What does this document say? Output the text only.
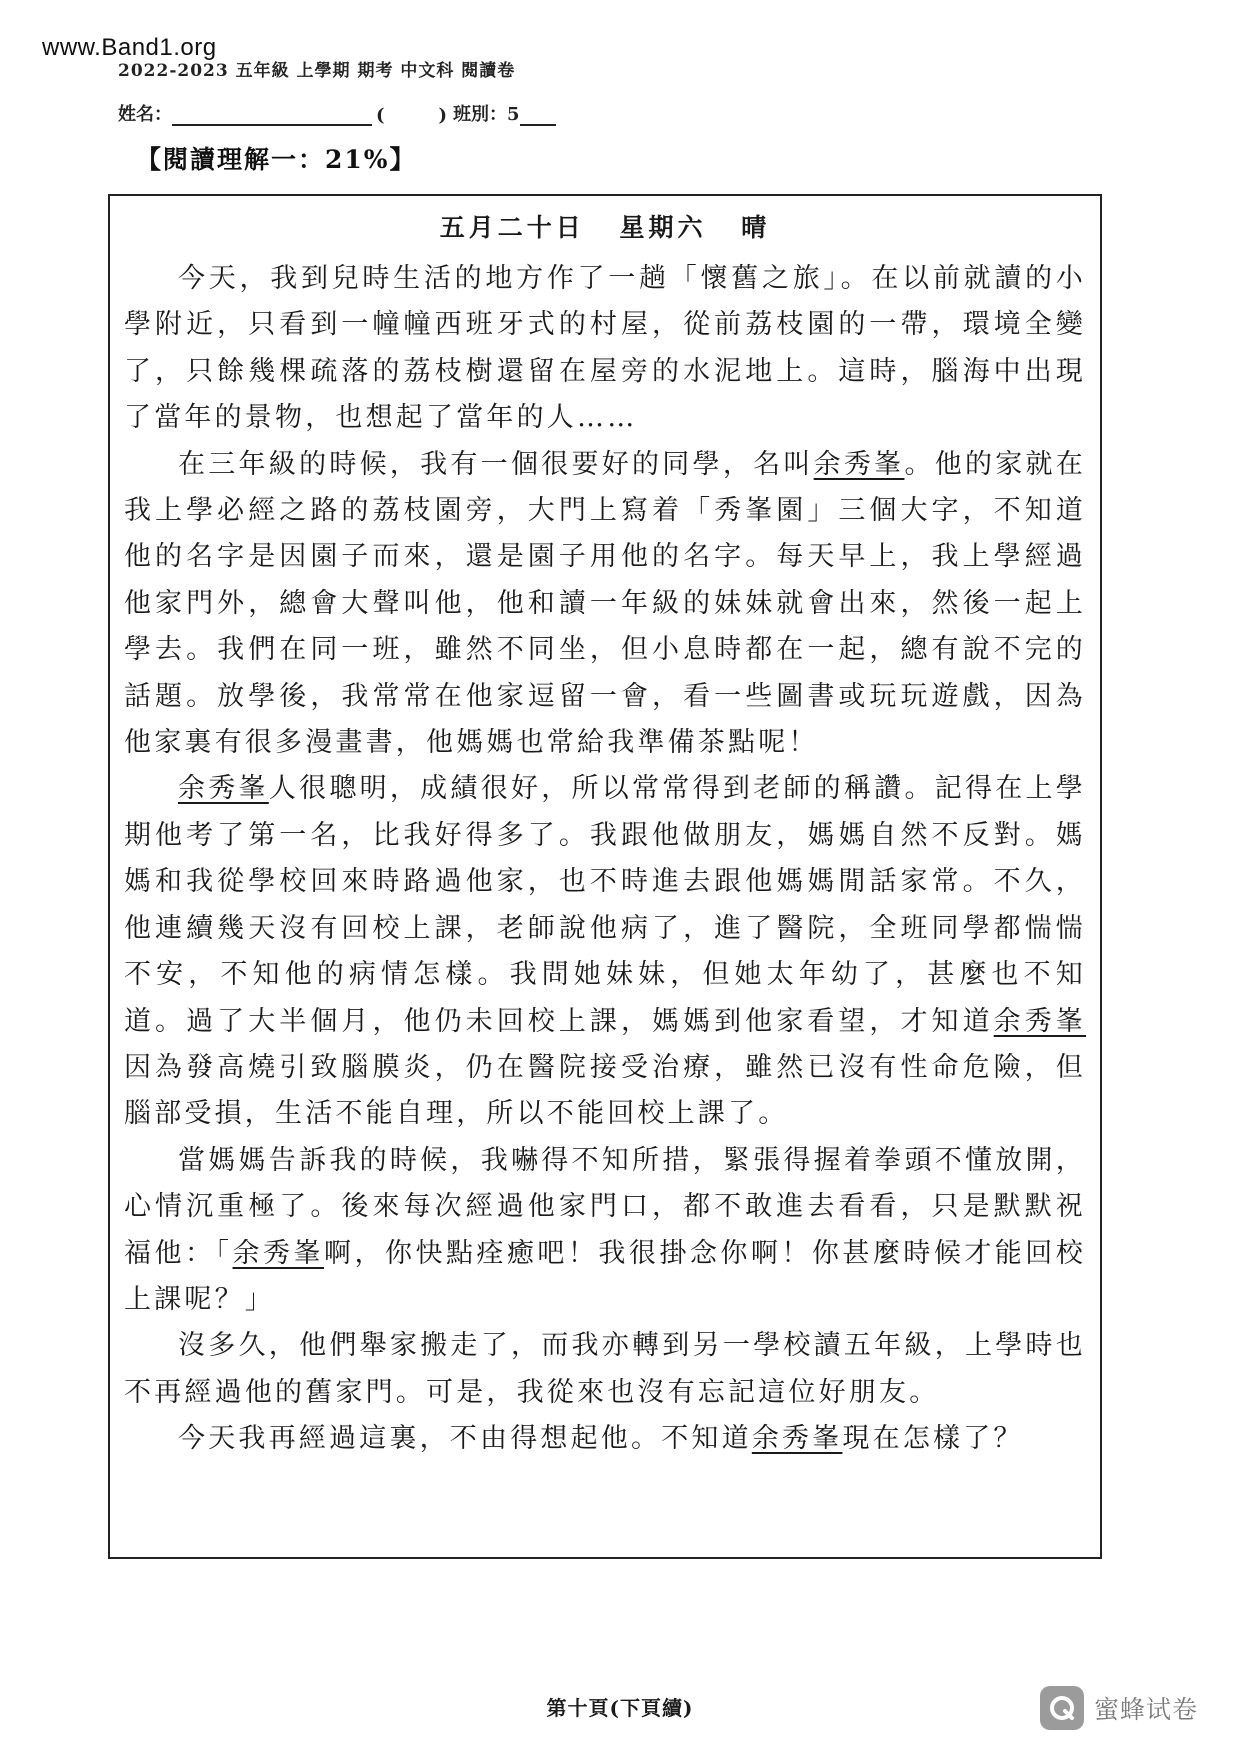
www.Band1.org
2022-2023 五年級 上學期 期考 中文科 閱讀卷
姓名：	(	) 班別：5
【閱讀理解一：21%】
五月二十日 星期六 晴

今天，我到兒時生活的地方作了一趟「懷舊之旅」。在以前就讀的小學附近，只看到一幢幢西班牙式的村屋，從前荔枝園的一帶，環境全變了，只餘幾棵疏落的荔枝樹還留在屋旁的水泥地上。這時，腦海中出現了當年的景物，也想起了當年的人……

在三年級的時候，我有一個很要好的同學，名叫余秀峯。他的家就在我上學必經之路的荔枝園旁，大門上寫着「秀峯園」三個大字，不知道他的名字是因園子而來，還是園子用他的名字。每天早上，我上學經過他家門外，總會大聲叫他，他和讀一年級的妹妹就會出來，然後一起上學去。我們在同一班，雖然不同坐，但小息時都在一起，總有說不完的話題。放學後，我常常在他家逗留一會，看一些圖書或玩玩遊戲，因為他家裏有很多漫畫書，他媽媽也常給我準備茶點呢！

余秀峯人很聰明，成績很好，所以常常得到老師的稱讚。記得在上學期他考了第一名，比我好得多了。我跟他做朋友，媽媽自然不反對。媽媽和我從學校回來時路過他家，也不時進去跟他媽媽閒話家常。不久，他連續幾天沒有回校上課，老師說他病了，進了醫院，全班同學都惴惴不安，不知他的病情怎樣。我問她妹妹，但她太年幼了，甚麼也不知道。過了大半個月，他仍未回校上課，媽媽到他家看望，才知道余秀峯因為發高燒引致腦膜炎，仍在醫院接受治療，雖然已沒有性命危險，但腦部受損，生活不能自理，所以不能回校上課了。

當媽媽告訴我的時候，我嚇得不知所措，緊張得握着拳頭不懂放開，心情沉重極了。後來每次經過他家門口，都不敢進去看看，只是默默祝福他：「余秀峯啊，你快點痊癒吧！我很掛念你啊！你甚麼時候才能回校上課呢？」

沒多久，他們舉家搬走了，而我亦轉到另一學校讀五年級，上學時也不再經過他的舊家門。可是，我從來也沒有忘記這位好朋友。

今天我再經過這裏，不由得想起他。不知道余秀峯現在怎樣了？

第十頁(下頁續)	蜜蜂试卷
